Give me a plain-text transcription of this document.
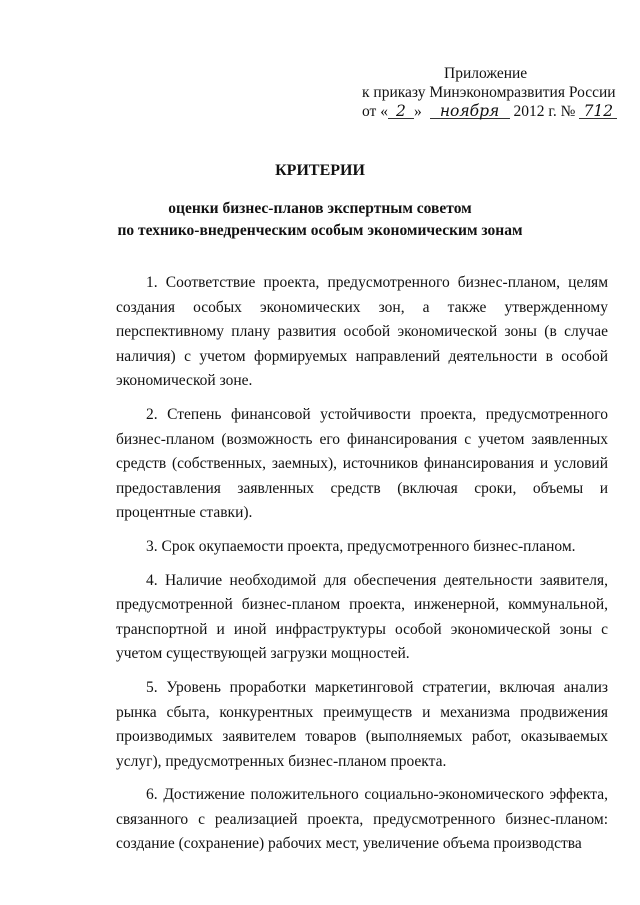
Приложение
к приказу Минэкономразвития России
от « 2 » ноября 2012 г. № 712
КРИТЕРИИ
оценки бизнес-планов экспертным советом
по технико-внедренческим особым экономическим зонам

1. Соответствие проекта, предусмотренного бизнес-планом, целям создания особых экономических зон, а также утвержденному перспективному плану развития особой экономической зоны (в случае наличия) с учетом формируемых направлений деятельности в особой экономической зоне.

2. Степень финансовой устойчивости проекта, предусмотренного бизнес-планом (возможность его финансирования с учетом заявленных средств (собственных, заемных), источников финансирования и условий предоставления заявленных средств (включая сроки, объемы и процентные ставки).

3. Срок окупаемости проекта, предусмотренного бизнес-планом.

4. Наличие необходимой для обеспечения деятельности заявителя, предусмотренной бизнес-планом проекта, инженерной, коммунальной, транспортной и иной инфраструктуры особой экономической зоны с учетом существующей загрузки мощностей.

5. Уровень проработки маркетинговой стратегии, включая анализ рынка сбыта, конкурентных преимуществ и механизма продвижения производимых заявителем товаров (выполняемых работ, оказываемых услуг), предусмотренных бизнес-планом проекта.

6. Достижение положительного социально-экономического эффекта, связанного с реализацией проекта, предусмотренного бизнес-планом: создание (сохранение) рабочих мест, увеличение объема производства
